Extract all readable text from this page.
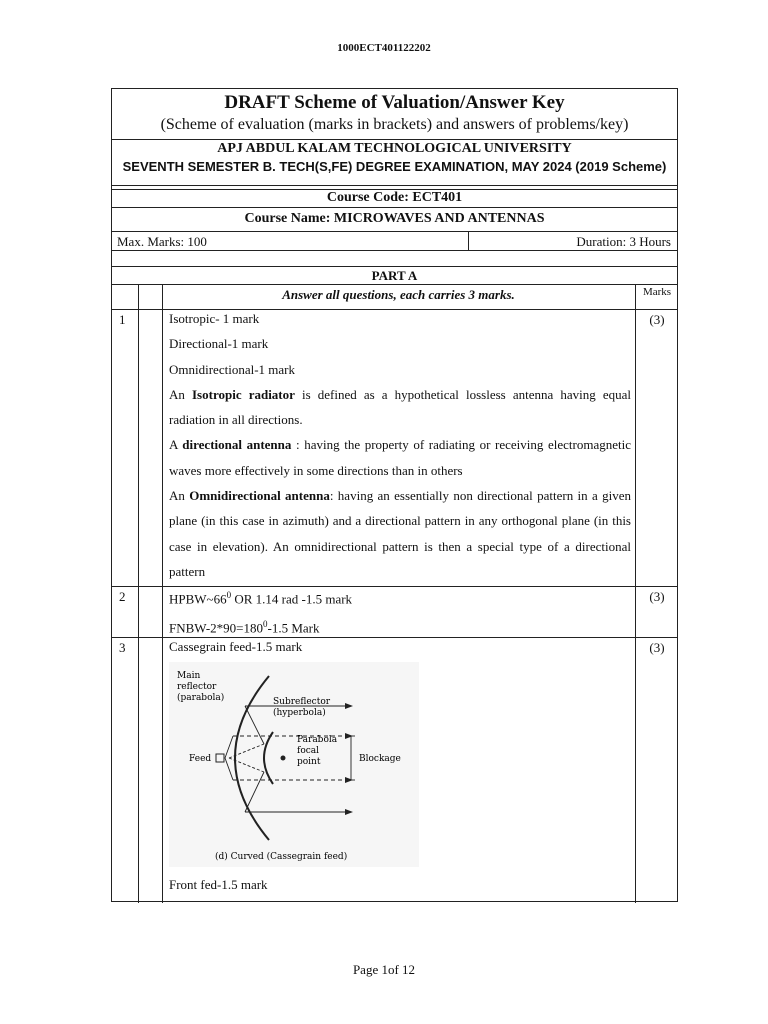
1000ECT401122202
DRAFT Scheme of Valuation/Answer Key
(Scheme of evaluation (marks in brackets) and answers of problems/key)
APJ ABDUL KALAM TECHNOLOGICAL UNIVERSITY
SEVENTH SEMESTER B. TECH(S,FE) DEGREE EXAMINATION, MAY 2024 (2019 Scheme)
Course Code: ECT401
Course Name: MICROWAVES AND ANTENNAS
Max. Marks: 100	Duration: 3 Hours
PART A
Answer all questions, each carries 3 marks.	Marks
1	(3)

Isotropic- 1 mark

Directional-1 mark

Omnidirectional-1 mark

An Isotropic radiator is defined as a hypothetical lossless antenna having equal radiation in all directions.

A directional antenna : having the property of radiating or receiving electromagnetic waves more effectively in some directions than in others

An Omnidirectional antenna: having an essentially non directional pattern in a given plane (in this case in azimuth) and a directional pattern in any orthogonal plane (in this case in elevation). An omnidirectional pattern is then a special type of a directional pattern

2	(3)

$HPBW\sim 66^0$ OR 1.14 rad -1.5 mark

FNBW-$2*90=180^0-1.5$ Mark

3	(3)
Cassegrain feed-1.5 mark
Main
reflector
(parabola)	Subreflector
(hyperbola)
Parabola
focal
point
Feed	Blockage
(d) Curved (Cassegrain feed)
Front fed-1.5 mark
Page 1of 12
